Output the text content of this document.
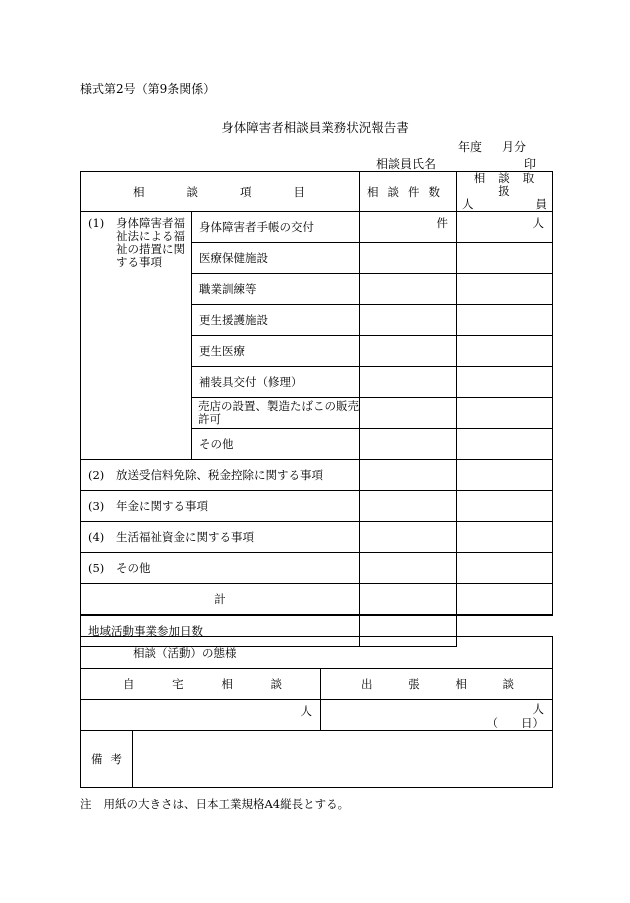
様式第2号（第9条関係）
身体障害者相談員業務状況報告書
年度 月分
相談員氏名	印
相談項目		相談件数	相談取扱
人 員

(1) 身体障害者福祉法による福祉の措置に関する事項	身体障害者手帳の交付	件	人
	医療保健施設		
	職業訓練等		
	更生援護施設		
	更生医療		
	補装具交付（修理）		
	売店の設置、製造たばこの販売許可		
	その他		
(2) 放送受信料免除、税金控除に関する事項			
(3) 年金に関する事項			
(4) 生活福祉資金に関する事項			
(5) その他			
計			
地域活動事業参加日数			
相談（活動）の態様		

自 宅 相 談		出 張 相 談

人		人
（　　日）

備 考		
注 用紙の大きさは、日本工業規格A4縦長とする。
